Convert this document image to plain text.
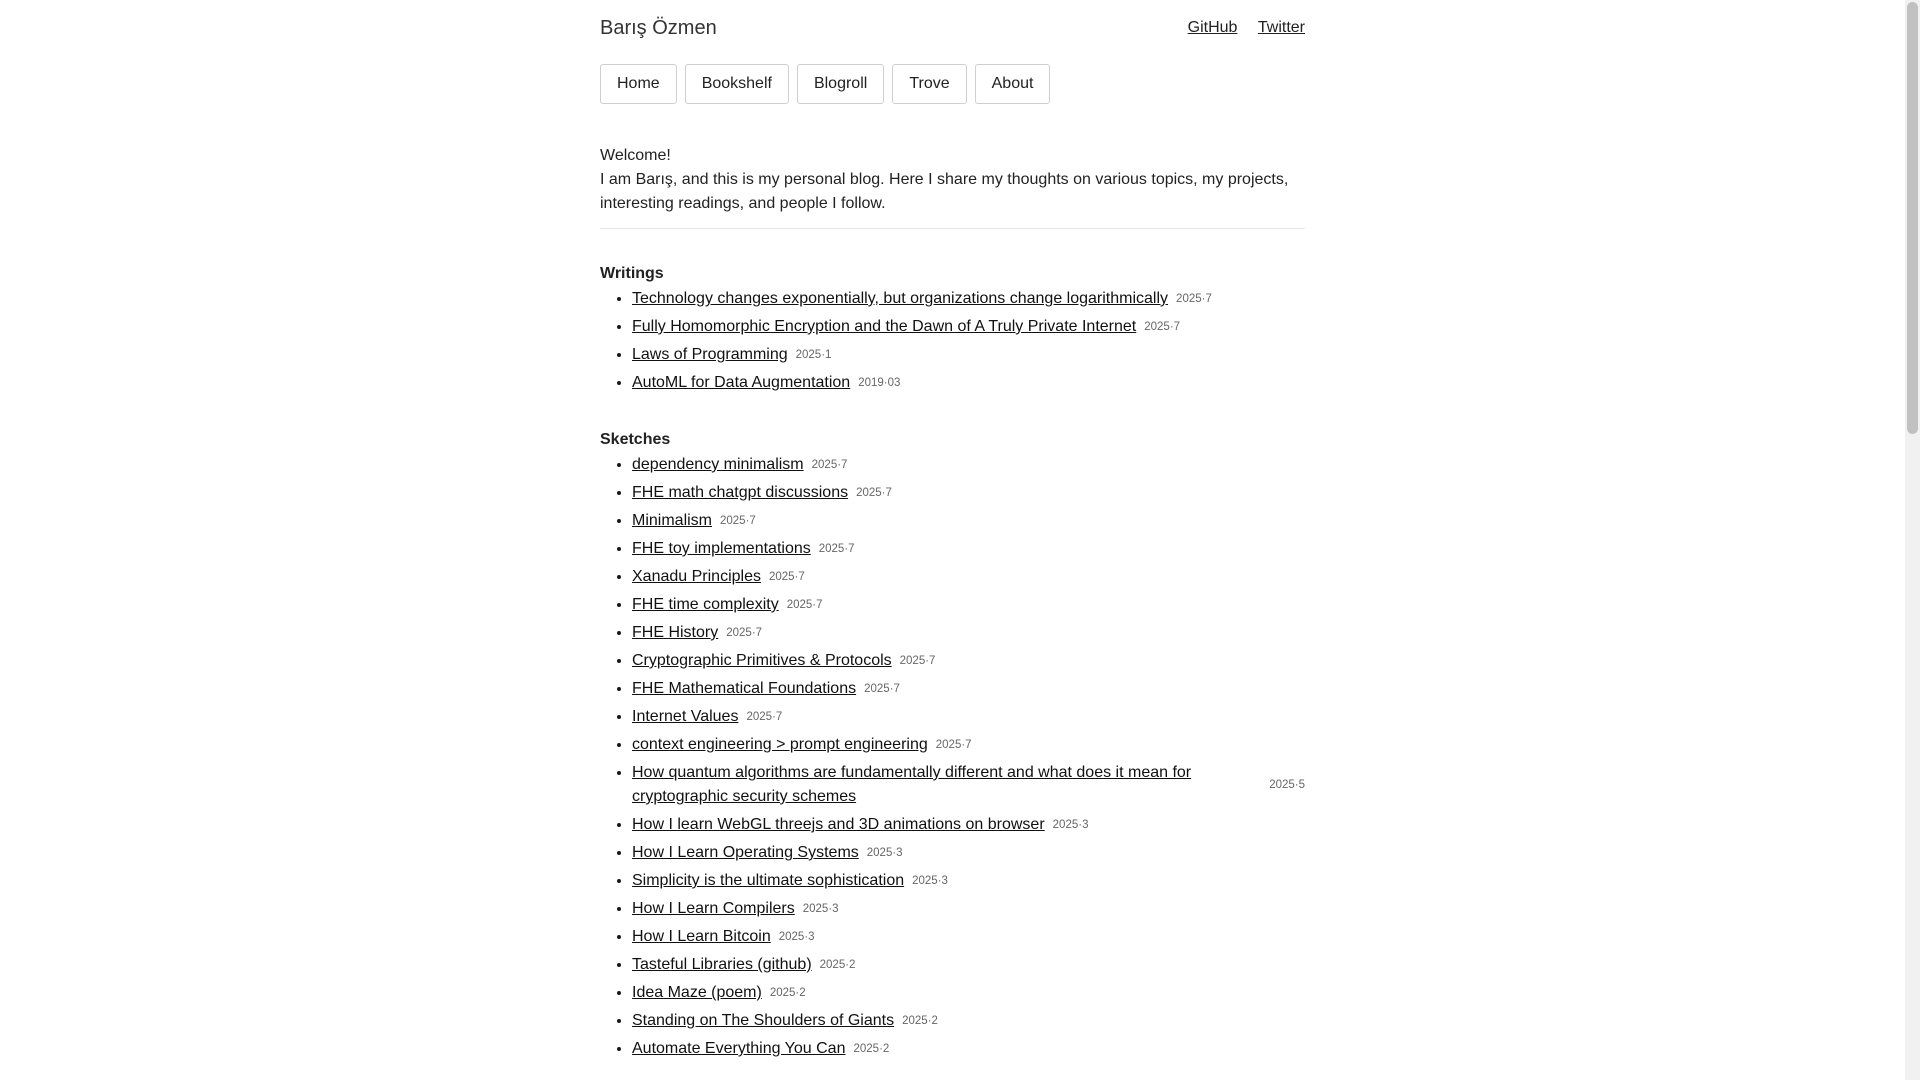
Barış Özmen	GitHub Twitter
Home	Bookshelf	Blogroll	Trove	About
Welcome!
I am Barış, and this is my personal blog. Here I share my thoughts on various topics, my projects, interesting readings, and people I follow.
Writings
• Technology changes exponentially, but organizations change logarithmically 2025·7
• Fully Homomorphic Encryption and the Dawn of A Truly Private Internet 2025·7
• Laws of Programming 2025·1
• AutoML for Data Augmentation 2019·03
Sketches
• dependency minimalism 2025·7
• FHE math chatgpt discussions 2025·7
• Minimalism 2025·7
• FHE toy implementations 2025·7
• Xanadu Principles 2025·7
• FHE time complexity 2025·7
• FHE History 2025·7
• Cryptographic Primitives & Protocols 2025·7
• FHE Mathematical Foundations 2025·7
• Internet Values 2025·7
• context engineering > prompt engineering 2025·7
• How quantum algorithms are fundamentally different and what does it mean for cryptographic security schemes
2025·5
• How I learn WebGL threejs and 3D animations on browser 2025·3
• How I Learn Operating Systems 2025·3
• Simplicity is the ultimate sophistication 2025·3
• How I Learn Compilers 2025·3
• How I Learn Bitcoin 2025·3
• Tasteful Libraries (github) 2025·2
• Idea Maze (poem) 2025·2
• Standing on The Shoulders of Giants 2025·2
• Automate Everything You Can 2025·2
